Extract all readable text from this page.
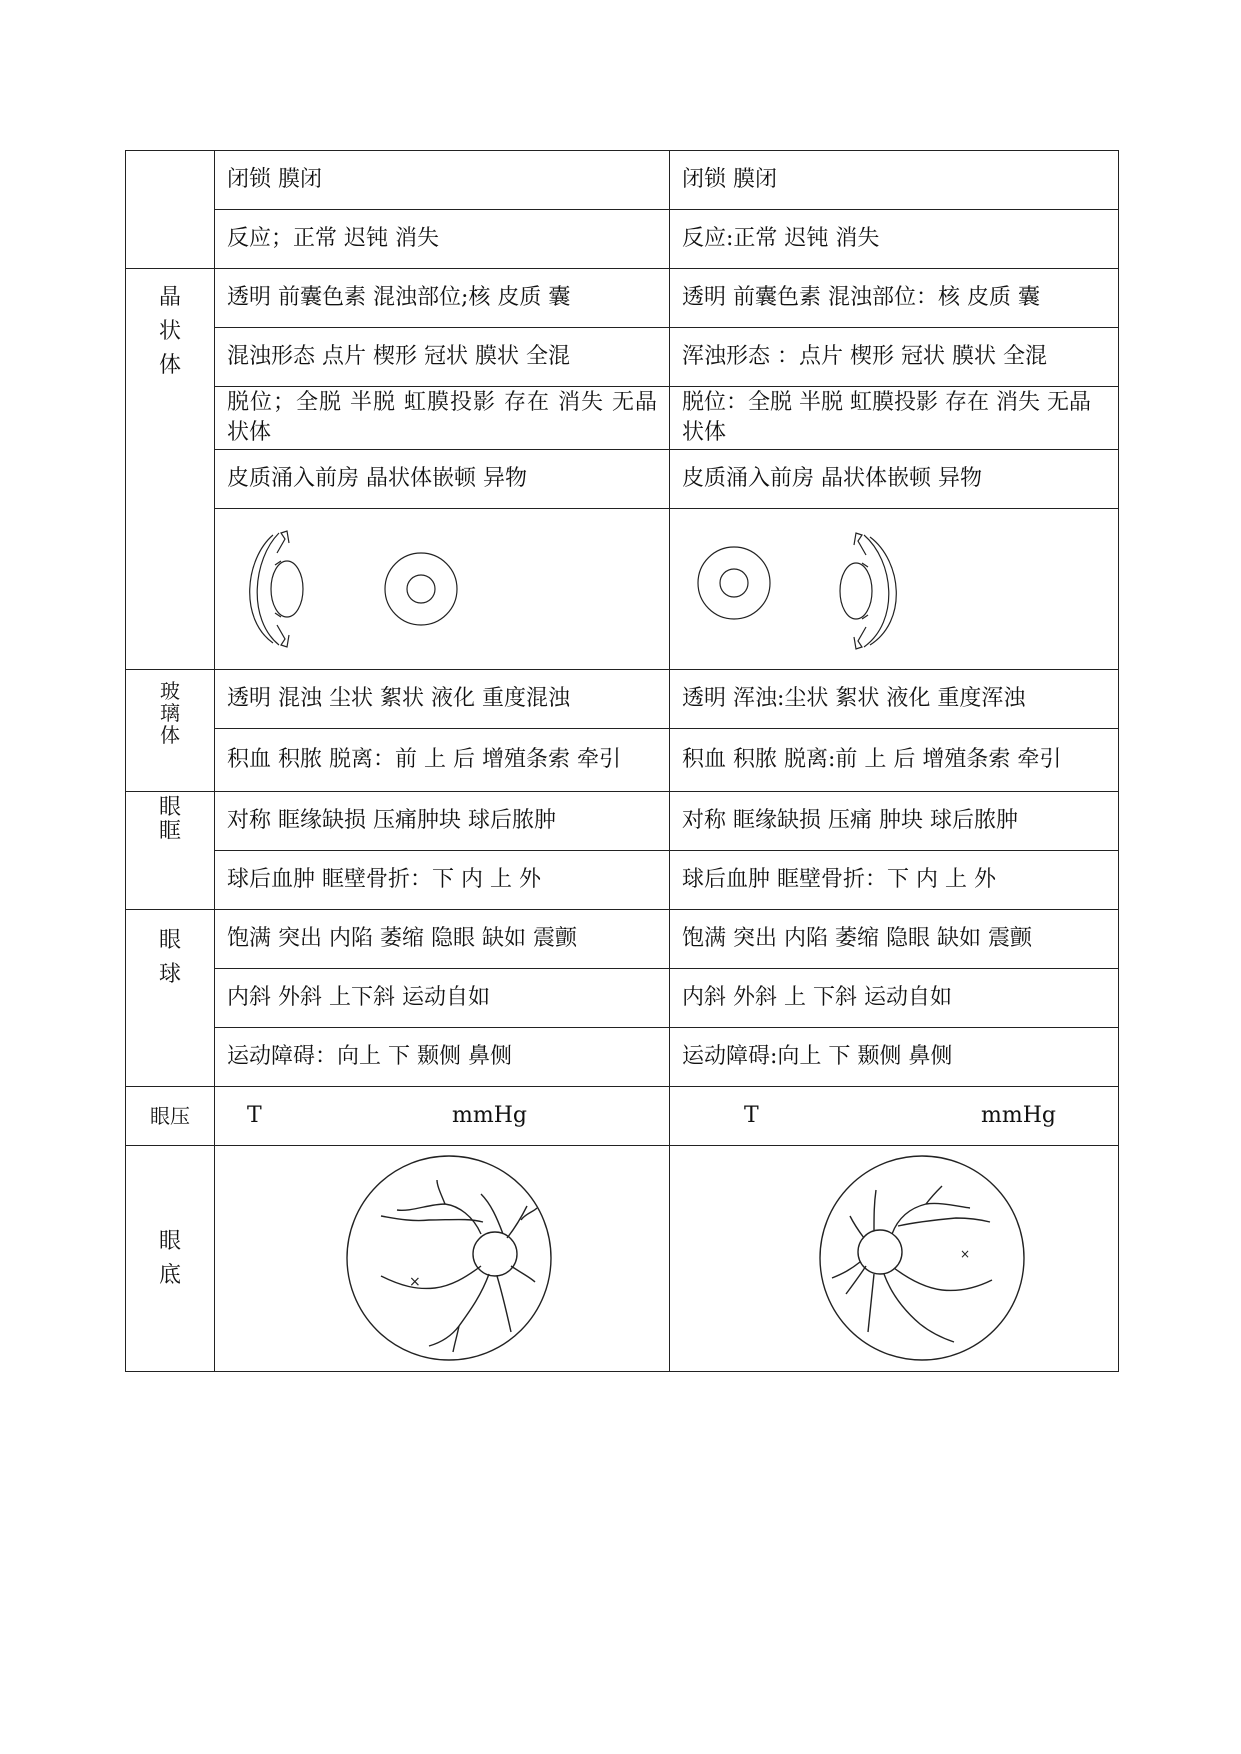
	闭锁 膜闭	闭锁 膜闭
	反应；正常 迟钝 消失	反应:正常 迟钝 消失

晶
状
体	透明 前囊色素 混浊部位;核 皮质 囊	透明 前囊色素 混浊部位：核 皮质 囊
	混浊形态 点片 楔形 冠状 膜状 全混	浑浊形态 ：点片 楔形 冠状 膜状 全混
	脱位；全脱 半脱 虹膜投影 存在 消失 无晶状体	脱位：全脱 半脱 虹膜投影 存在 消失 无晶状体
	皮质涌入前房 晶状体嵌顿 异物	皮质涌入前房 晶状体嵌顿 异物

玻
璃
体	透明 混浊 尘状 絮状 液化 重度混浊	透明 浑浊:尘状 絮状 液化 重度浑浊
	积血 积脓 脱离：前 上 后 增殖条索 牵引	积血 积脓 脱离:前 上 后 增殖条索 牵引

眼
眶	对称 眶缘缺损 压痛肿块 球后脓肿	对称 眶缘缺损 压痛 肿块 球后脓肿
	球后血肿 眶壁骨折：下 内 上 外	球后血肿 眶壁骨折：下 内 上 外

眼
球	饱满 突出 内陷 萎缩 隐眼 缺如 震颤	饱满 突出 内陷 萎缩 隐眼 缺如 震颤
	内斜 外斜 上下斜 运动自如	内斜 外斜 上 下斜 运动自如
	运动障碍：向上 下 颞侧 鼻侧	运动障碍:向上 下 颞侧 鼻侧
眼压	T mmHg	T mmHg

眼
底	×	×
